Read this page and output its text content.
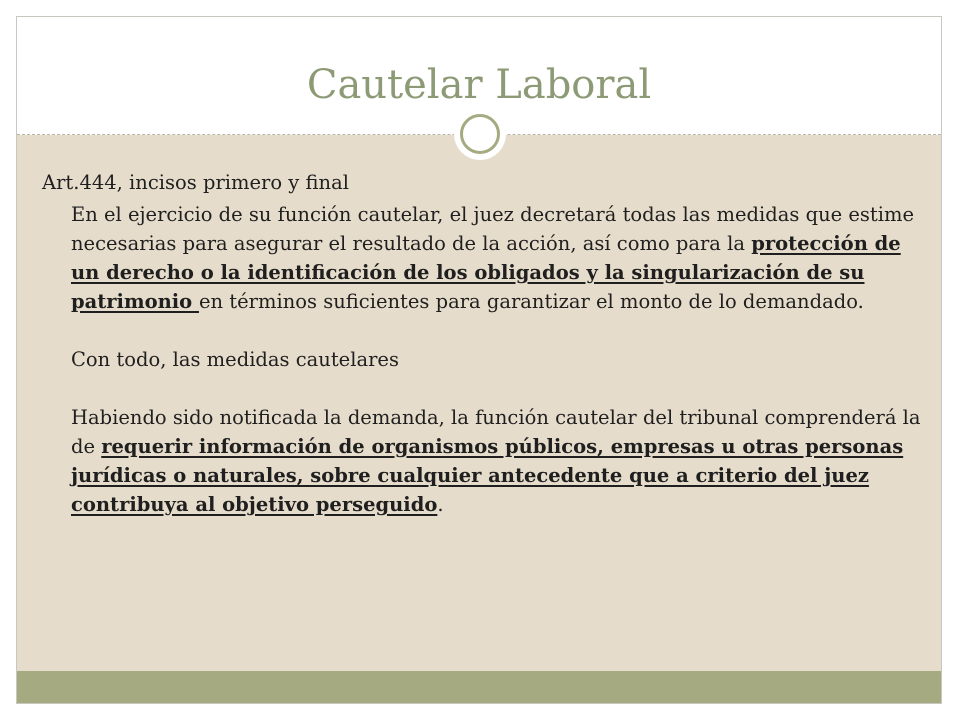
Cautelar Laboral
Art.444, incisos primero y final
En el ejercicio de su función cautelar, el juez decretará todas las medidas que estime necesarias para asegurar el resultado de la acción, así como para la protección de un derecho o la identificación de los obligados y la singularización de su patrimonio en términos suficientes para garantizar el monto de lo demandado.
Con todo, las medidas cautelares
Habiendo sido notificada la demanda, la función cautelar del tribunal comprenderá la de requerir información de organismos públicos, empresas u otras personas jurídicas o naturales, sobre cualquier antecedente que a criterio del juez contribuya al objetivo perseguido.
